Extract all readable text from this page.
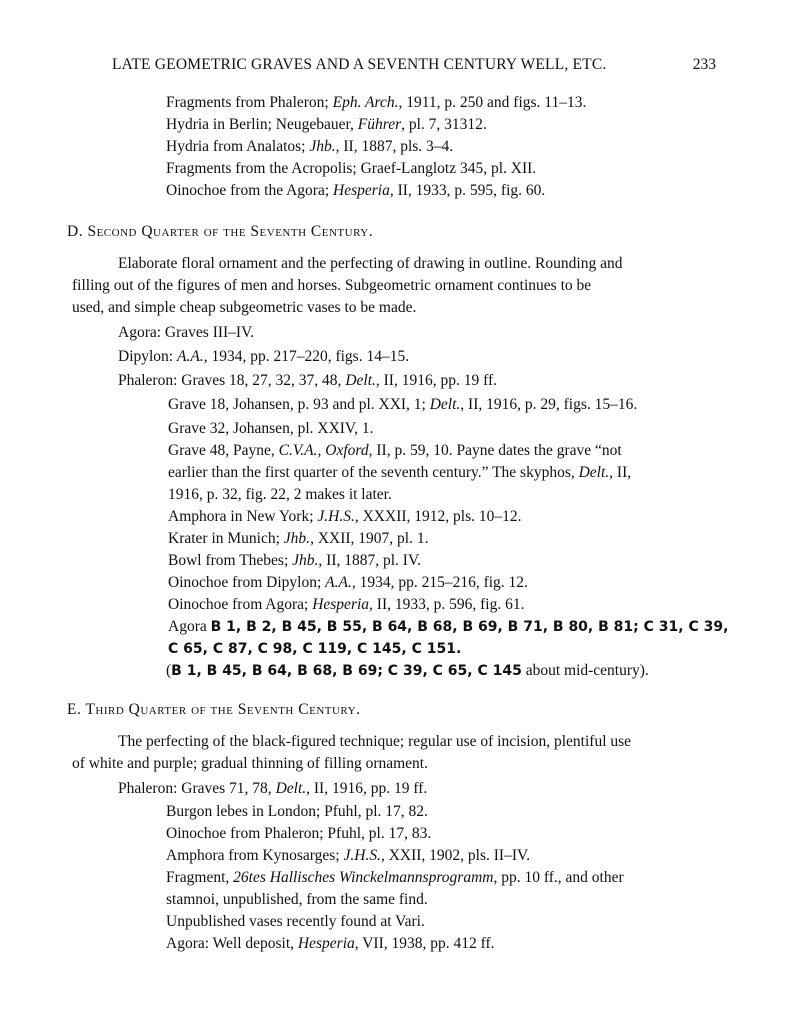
LATE GEOMETRIC GRAVES AND A SEVENTH CENTURY WELL, ETC.	233
Fragments from Phaleron; Eph. Arch., 1911, p. 250 and figs. 11–13.
Hydria in Berlin; Neugebauer, Führer, pl. 7, 31312.
Hydria from Analatos; Jhb., II, 1887, pls. 3–4.
Fragments from the Acropolis; Graef-Langlotz 345, pl. XII.
Oinochoe from the Agora; Hesperia, II, 1933, p. 595, fig. 60.
D. Second Quarter of the Seventh Century.
Elaborate floral ornament and the perfecting of drawing in outline. Rounding and
filling out of the figures of men and horses. Subgeometric ornament continues to be
used, and simple cheap subgeometric vases to be made.
Agora: Graves III–IV.
Dipylon: A.A., 1934, pp. 217–220, figs. 14–15.
Phaleron: Graves 18, 27, 32, 37, 48, Delt., II, 1916, pp. 19 ff.
Grave 18, Johansen, p. 93 and pl. XXI, 1; Delt., II, 1916, p. 29, figs. 15–16.
Grave 32, Johansen, pl. XXIV, 1.
Grave 48, Payne, C.V.A., Oxford, II, p. 59, 10. Payne dates the grave “not
earlier than the first quarter of the seventh century.” The skyphos, Delt., II,
1916, p. 32, fig. 22, 2 makes it later.
Amphora in New York; J.H.S., XXXII, 1912, pls. 10–12.
Krater in Munich; Jhb., XXII, 1907, pl. 1.
Bowl from Thebes; Jhb., II, 1887, pl. IV.
Oinochoe from Dipylon; A.A., 1934, pp. 215–216, fig. 12.
Oinochoe from Agora; Hesperia, II, 1933, p. 596, fig. 61.
Agora B 1, B 2, B 45, B 55, B 64, B 68, B 69, B 71, B 80, B 81; C 31, C 39,
C 65, C 87, C 98, C 119, C 145, C 151.
(B 1, B 45, B 64, B 68, B 69; C 39, C 65, C 145 about mid-century).
E. Third Quarter of the Seventh Century.
The perfecting of the black-figured technique; regular use of incision, plentiful use
of white and purple; gradual thinning of filling ornament.
Phaleron: Graves 71, 78, Delt., II, 1916, pp. 19 ff.
Burgon lebes in London; Pfuhl, pl. 17, 82.
Oinochoe from Phaleron; Pfuhl, pl. 17, 83.
Amphora from Kynosarges; J.H.S., XXII, 1902, pls. II–IV.
Fragment, 26tes Hallisches Winckelmannsprogramm, pp. 10 ff., and other
stamnoi, unpublished, from the same find.
Unpublished vases recently found at Vari.
Agora: Well deposit, Hesperia, VII, 1938, pp. 412 ff.
